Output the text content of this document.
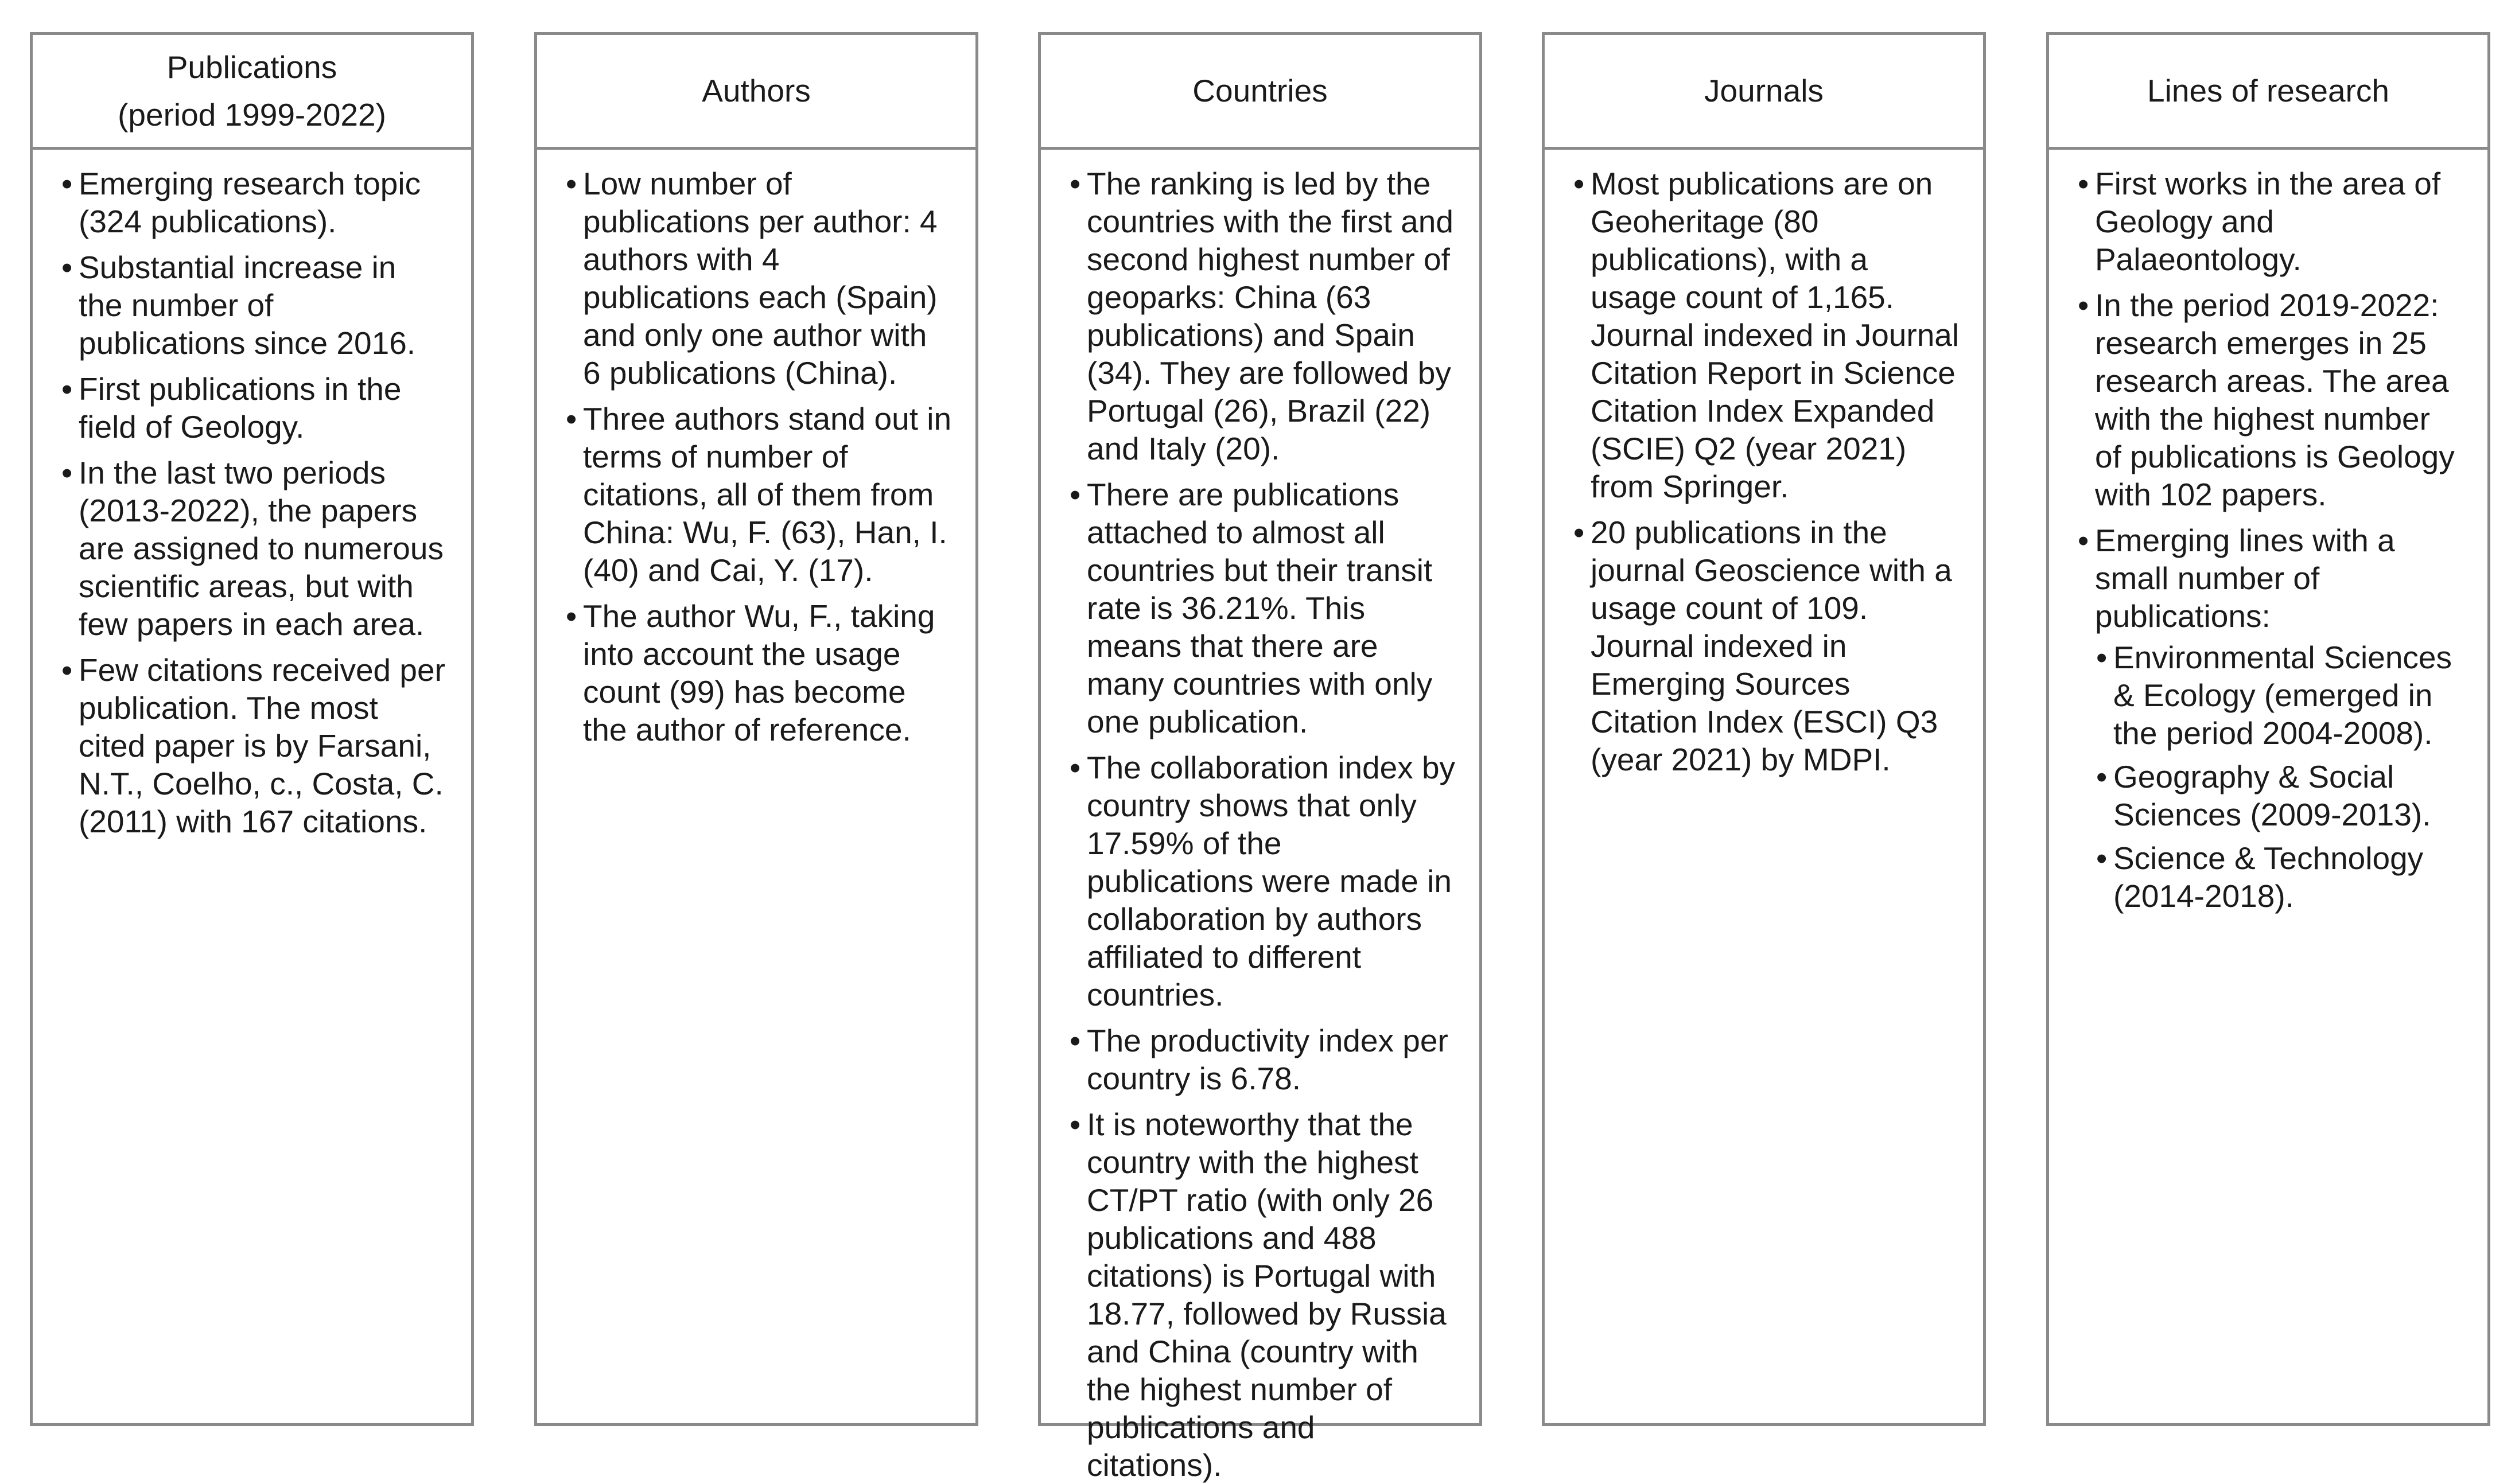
Publications
(period 1999-2022)
• Emerging research topic (324 publications).
• Substantial increase in the number of publications since 2016.
• First publications in the field of Geology.
• In the last two periods (2013-2022), the papers are assigned to numerous scientific areas, but with few papers in each area.
• Few citations received per publication. The most cited paper is by Farsani, N.T., Coelho, c., Costa, C. (2011) with 167 citations.
Authors
• Low number of publications per author: 4 authors with 4 publications each (Spain) and only one author with 6 publications (China).
• Three authors stand out in terms of number of citations, all of them from China: Wu, F. (63), Han, I. (40) and Cai, Y. (17).
• The author Wu, F., taking into account the usage count (99) has become the author of reference.
Countries
• The ranking is led by the countries with the first and second highest number of geoparks: China (63 publications) and Spain (34). They are followed by Portugal (26), Brazil (22) and Italy (20).
• There are publications attached to almost all countries but their transit rate is 36.21%. This means that there are many countries with only one publication.
• The collaboration index by country shows that only 17.59% of the publications were made in collaboration by authors affiliated to different countries.
• The productivity index per country is 6.78.
• It is noteworthy that the country with the highest CT/PT ratio (with only 26 publications and 488 citations) is Portugal with 18.77, followed by Russia and China (country with the highest number of publications and citations).
Journals
• Most publications are on Geoheritage (80 publications), with a usage count of 1,165. Journal indexed in Journal Citation Report in Science Citation Index Expanded (SCIE) Q2 (year 2021) from Springer.
• 20 publications in the journal Geoscience with a usage count of 109. Journal indexed in Emerging Sources Citation Index (ESCI) Q3 (year 2021) by MDPI.
Lines of research
• First works in the area of Geology and Palaeontology.
• In the period 2019-2022: research emerges in 25 research areas. The area with the highest number of publications is Geology with 102 papers.
• Emerging lines with a small number of publications:
• Environmental Sciences & Ecology (emerged in the period 2004-2008).
• Geography & Social Sciences (2009-2013).
• Science & Technology (2014-2018).
